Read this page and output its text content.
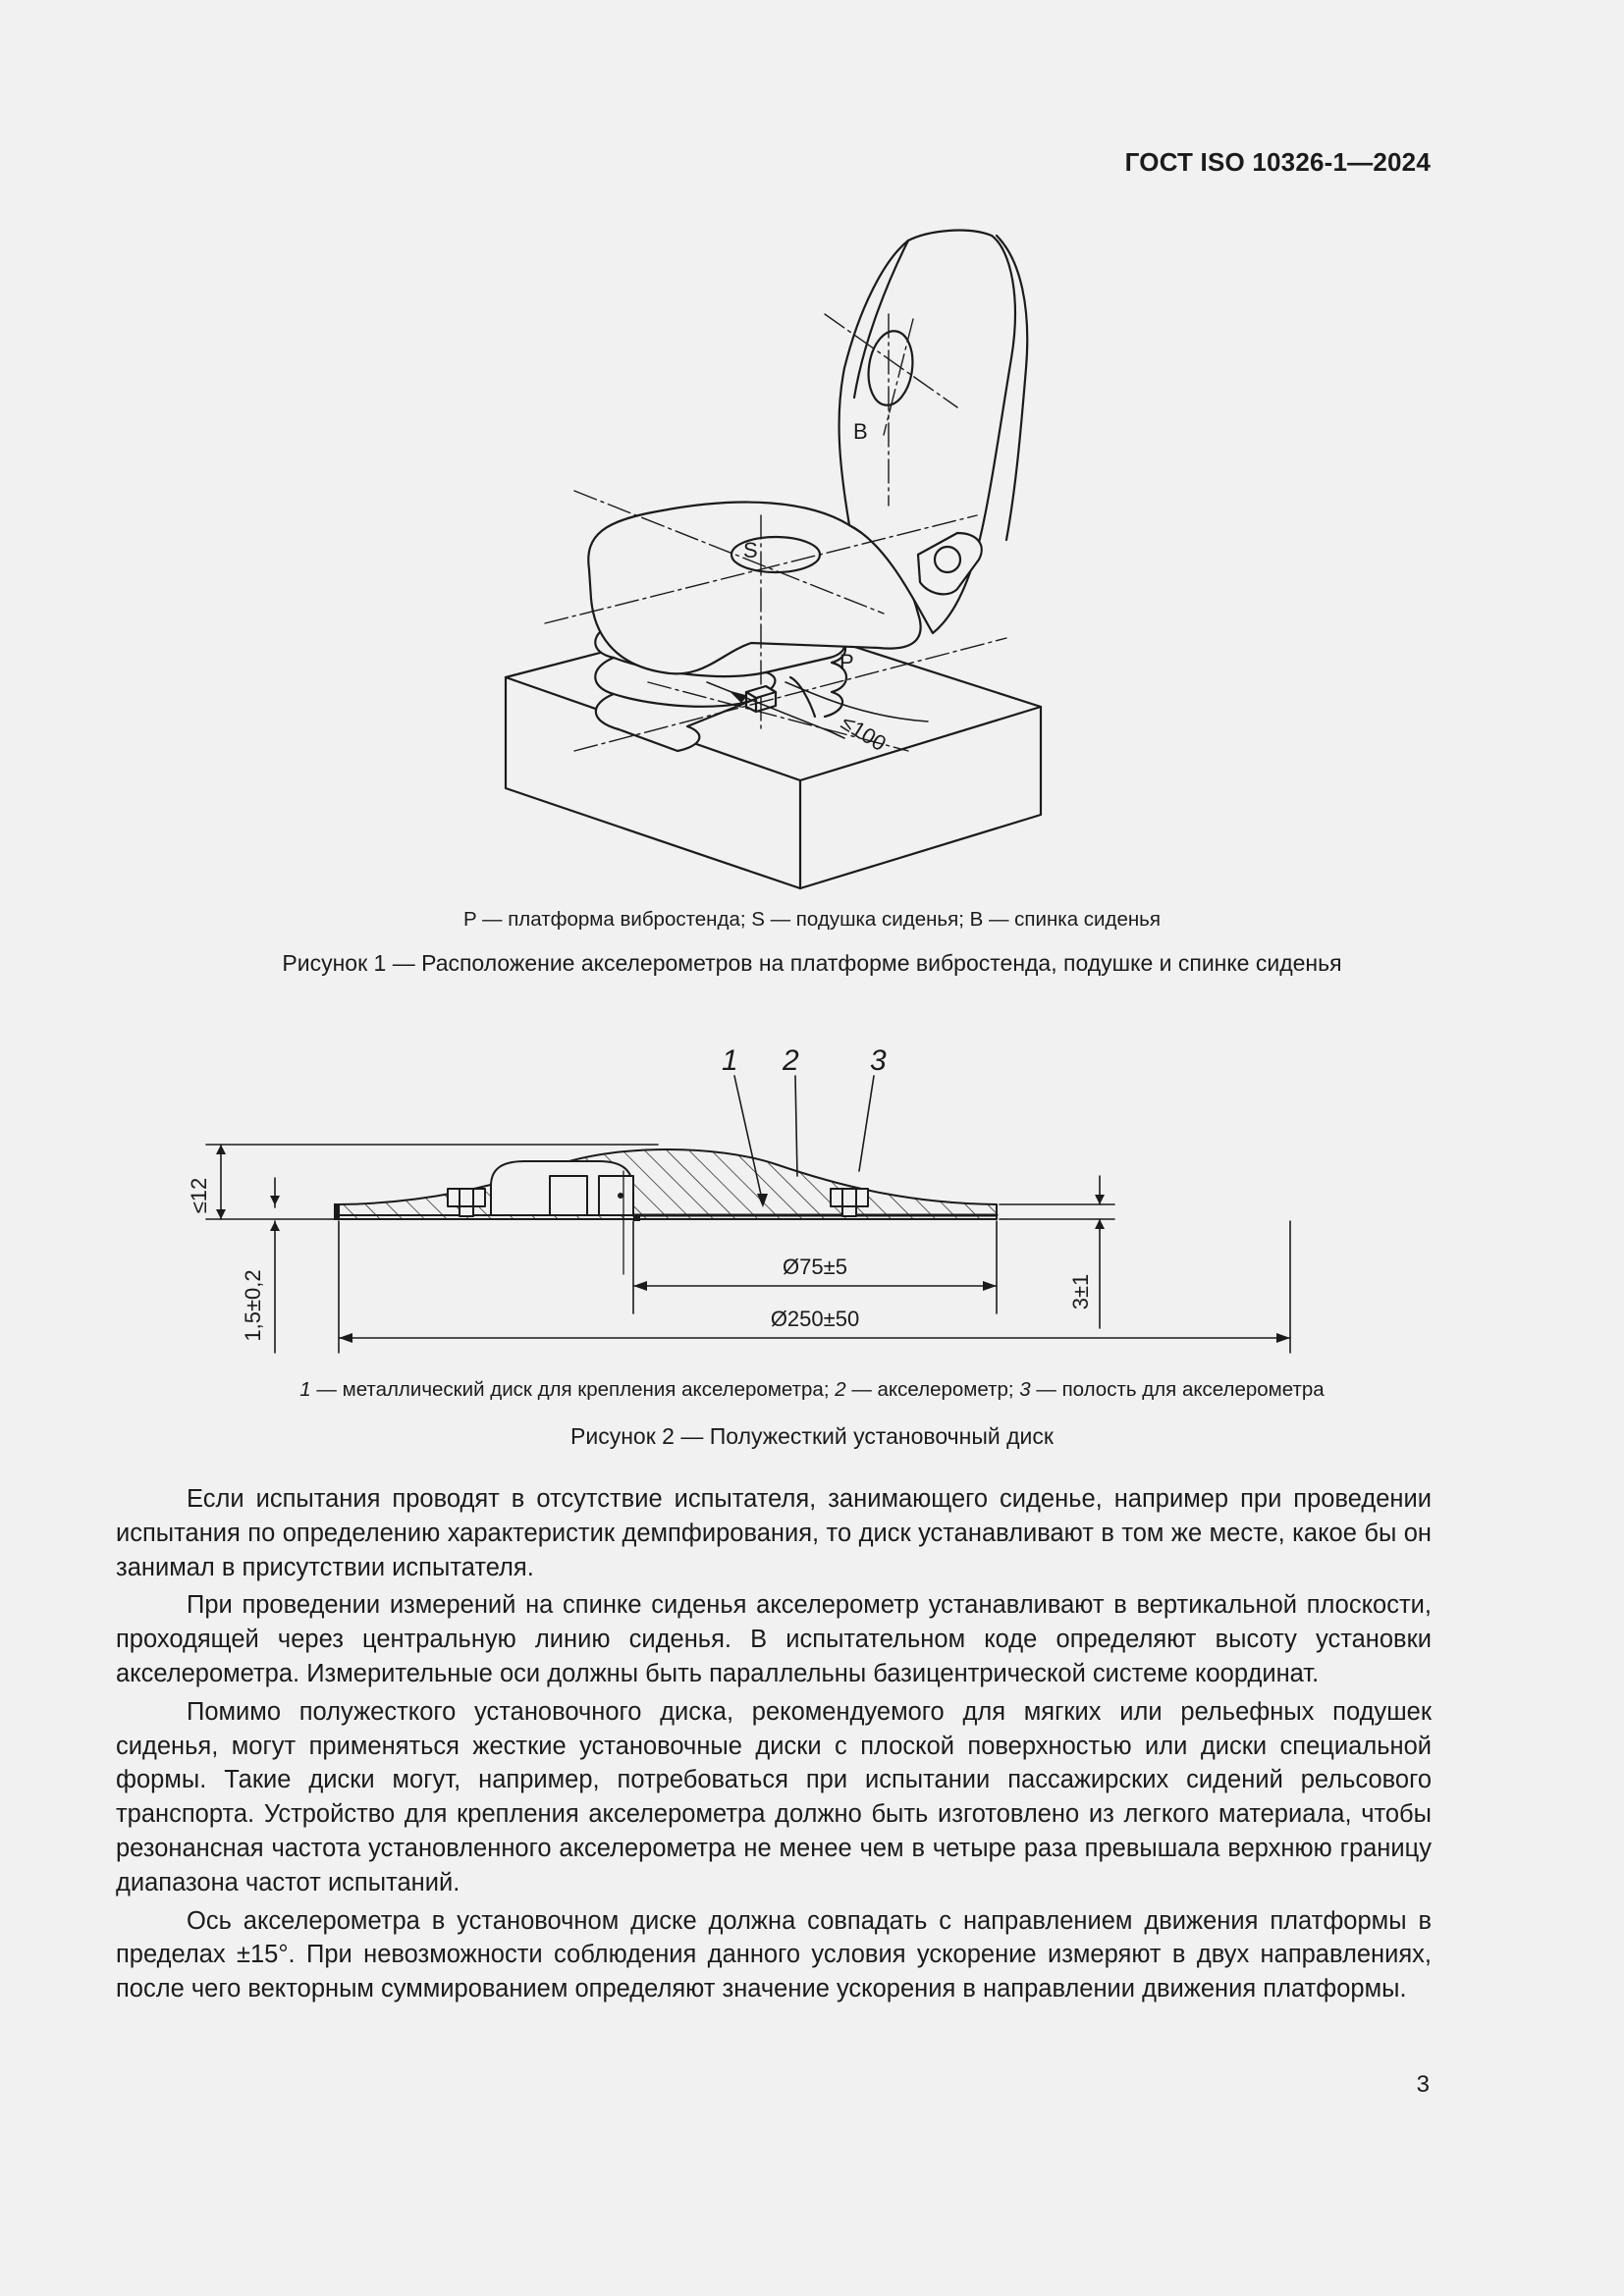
ГОСТ ISO 10326-1—2024
B
S
P
≤100
P — платформа вибростенда; S — подушка сиденья; B — спинка сиденья
Рисунок 1 — Расположение акселерометров на платформе вибростенда, подушке и спинке сиденья
≤12
1,5±0,2	3±1
Ø75±5
Ø250±50
1 2 3
1 — металлический диск для крепления акселерометра; 2 — акселерометр; 3 — полость для акселерометра
Рисунок 2 — Полужесткий установочный диск

Если испытания проводят в отсутствие испытателя, занимающего сиденье, например при проведении испытания по определению характеристик демпфирования, то диск устанавливают в том же месте, какое бы он занимал в присутствии испытателя.

При проведении измерений на спинке сиденья акселерометр устанавливают в вертикальной плоскости, проходящей через центральную линию сиденья. В испытательном коде определяют высоту установки акселерометра. Измерительные оси должны быть параллельны базицентрической системе координат.

Помимо полужесткого установочного диска, рекомендуемого для мягких или рельефных подушек сиденья, могут применяться жесткие установочные диски с плоской поверхностью или диски специальной формы. Такие диски могут, например, потребоваться при испытании пассажирских сидений рельсового транспорта. Устройство для крепления акселерометра должно быть изготовлено из легкого материала, чтобы резонансная частота установленного акселерометра не менее чем в четыре раза превышала верхнюю границу диапазона частот испытаний.

Ось акселерометра в установочном диске должна совпадать с направлением движения платформы в пределах ±15°. При невозможности соблюдения данного условия ускорение измеряют в двух направлениях, после чего векторным суммированием определяют значение ускорения в направлении движения платформы.

3
